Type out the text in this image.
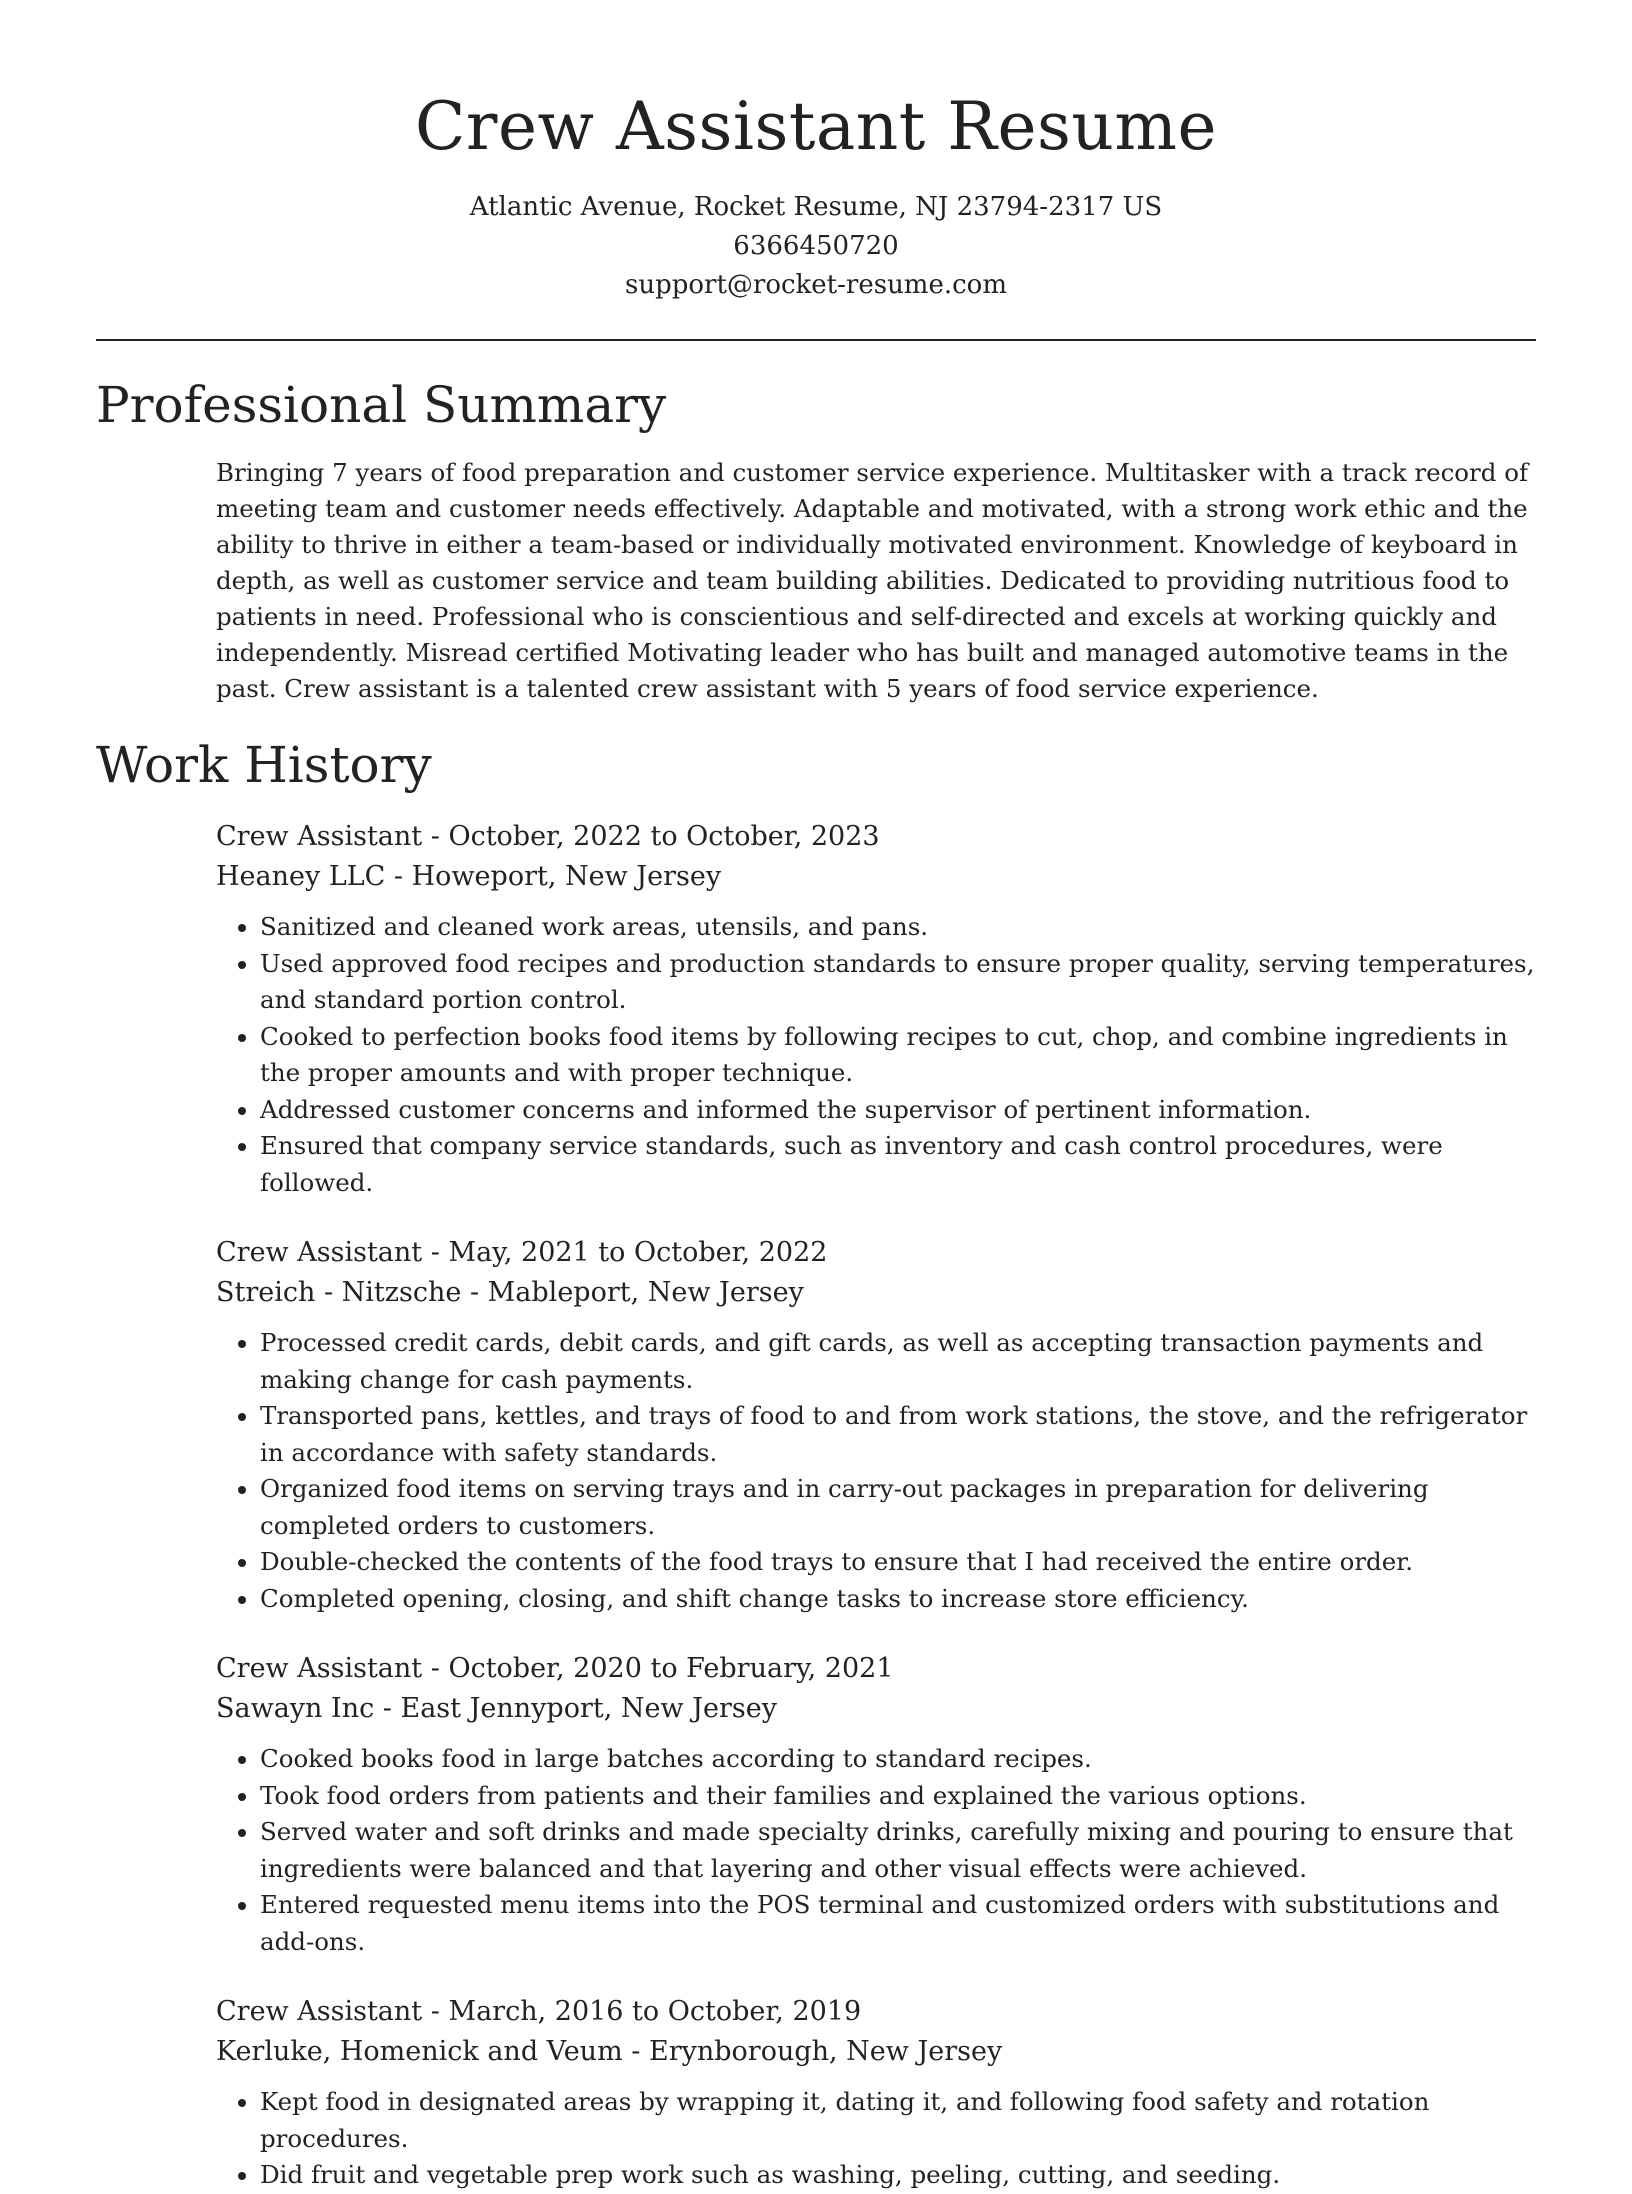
Crew Assistant Resume

Atlantic Avenue, Rocket Resume, NJ 23794-2317 US

6366450720

support@rocket-resume.com

Professional Summary

Bringing 7 years of food preparation and customer service experience. Multitasker with a track record of meeting team and customer needs effectively. Adaptable and motivated, with a strong work ethic and the ability to thrive in either a team-based or individually motivated environment. Knowledge of keyboard in depth, as well as customer service and team building abilities. Dedicated to providing nutritious food to patients in need. Professional who is conscientious and self-directed and excels at working quickly and independently. Misread certified Motivating leader who has built and managed automotive teams in the past. Crew assistant is a talented crew assistant with 5 years of food service experience.

Work History

Crew Assistant - October, 2022 to October, 2023

Heaney LLC - Howeport, New Jersey

• Sanitized and cleaned work areas, utensils, and pans.
• Used approved food recipes and production standards to ensure proper quality, serving temperatures, and standard portion control.
• Cooked to perfection books food items by following recipes to cut, chop, and combine ingredients in the proper amounts and with proper technique.
• Addressed customer concerns and informed the supervisor of pertinent information.
• Ensured that company service standards, such as inventory and cash control procedures, were followed.

Crew Assistant - May, 2021 to October, 2022

Streich - Nitzsche - Mableport, New Jersey

• Processed credit cards, debit cards, and gift cards, as well as accepting transaction payments and making change for cash payments.
• Transported pans, kettles, and trays of food to and from work stations, the stove, and the refrigerator in accordance with safety standards.
• Organized food items on serving trays and in carry-out packages in preparation for delivering completed orders to customers.
• Double-checked the contents of the food trays to ensure that I had received the entire order.
• Completed opening, closing, and shift change tasks to increase store efficiency.

Crew Assistant - October, 2020 to February, 2021

Sawayn Inc - East Jennyport, New Jersey

• Cooked books food in large batches according to standard recipes.
• Took food orders from patients and their families and explained the various options.
• Served water and soft drinks and made specialty drinks, carefully mixing and pouring to ensure that ingredients were balanced and that layering and other visual effects were achieved.
• Entered requested menu items into the POS terminal and customized orders with substitutions and add-ons.

Crew Assistant - March, 2016 to October, 2019

Kerluke, Homenick and Veum - Erynborough, New Jersey

• Kept food in designated areas by wrapping it, dating it, and following food safety and rotation procedures.
• Did fruit and vegetable prep work such as washing, peeling, cutting, and seeding.
